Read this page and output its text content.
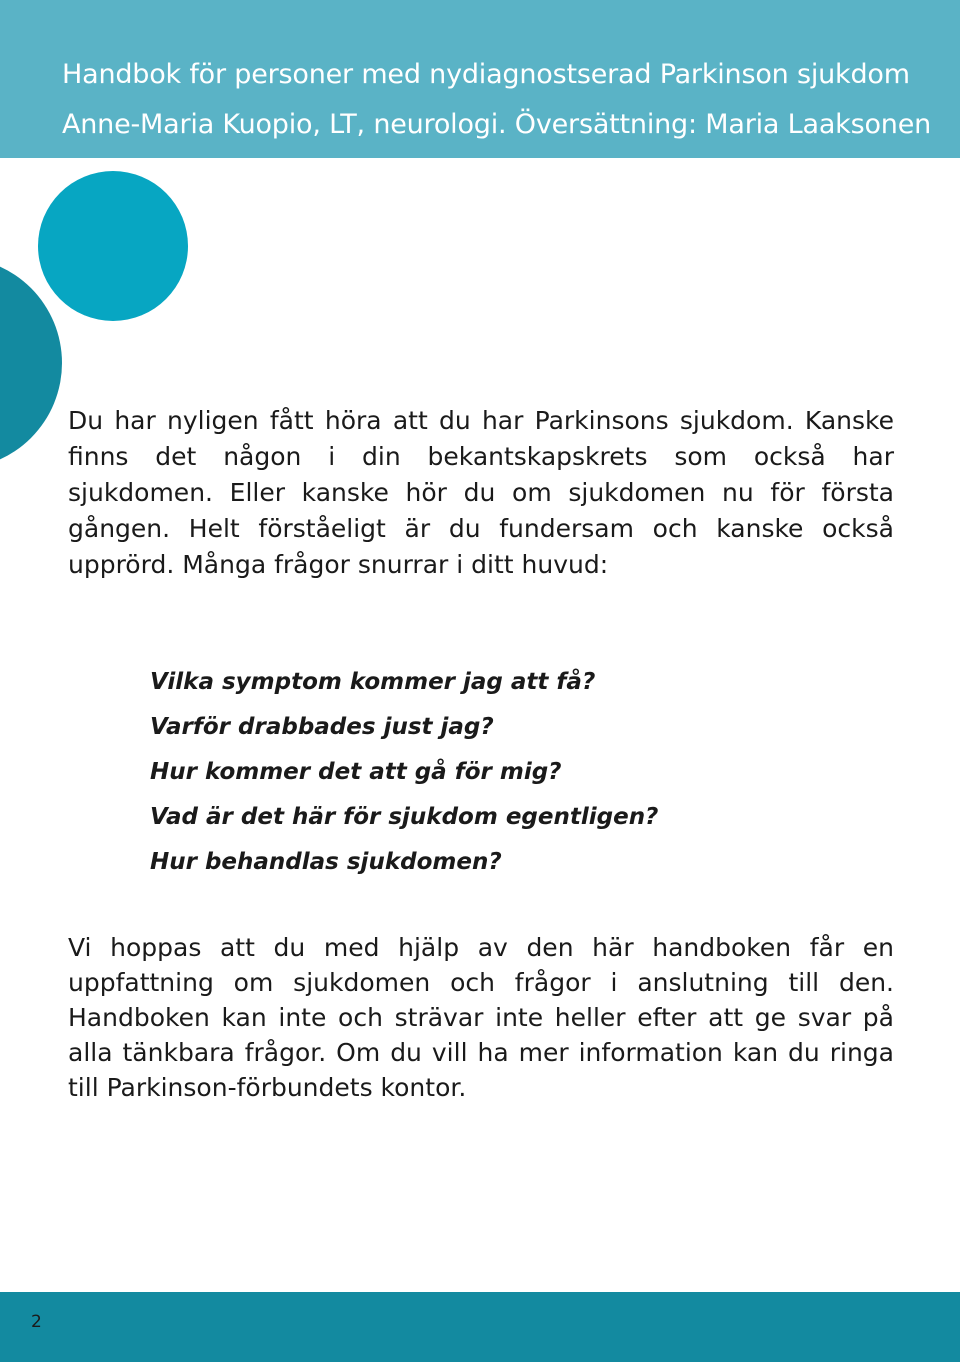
Handbok för personer med nydiagnostserad Parkinson sjukdom
Anne-Maria Kuopio, LT, neurologi. Översättning: Maria Laaksonen

Du har nyligen fått höra att du har Parkinsons sjukdom. Kanske finns det någon i din bekantskapskrets som också har sjukdomen. Eller kanske hör du om sjukdomen nu för första gången. Helt förståeligt är du fundersam och kanske också upprörd. Många frågor snurrar i ditt huvud:

Vilka symptom kommer jag att få?
Varför drabbades just jag?
Hur kommer det att gå för mig?
Vad är det här för sjukdom egentligen?
Hur behandlas sjukdomen?

Vi hoppas att du med hjälp av den här handboken får en uppfattning om sjukdomen och frågor i anslutning till den. Handboken kan inte och strävar inte heller efter att ge svar på alla tänkbara frågor. Om du vill ha mer information kan du ringa till Parkinson-förbundets kontor.

2
